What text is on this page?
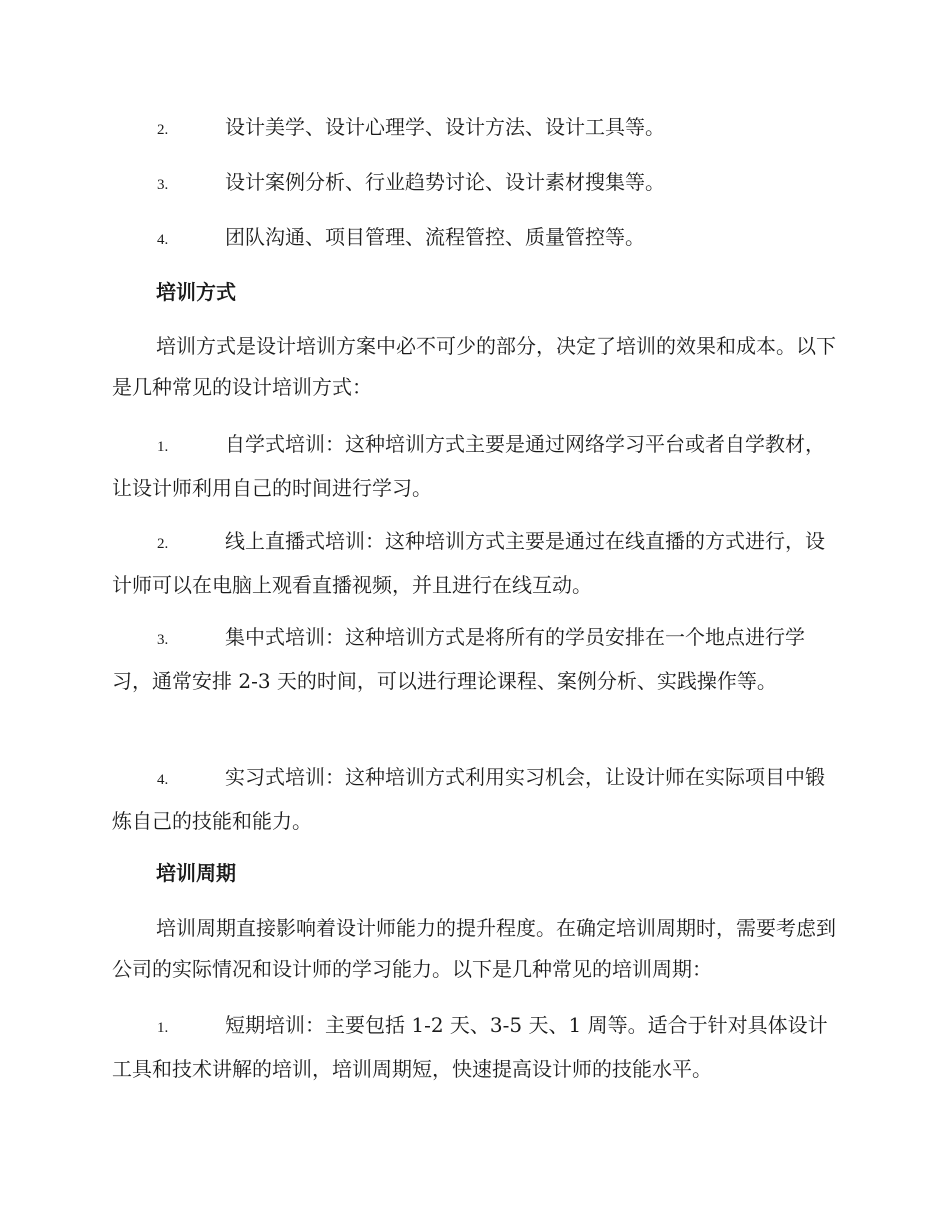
2.	设计美学、设计心理学、设计方法、设计工具等。

3.	设计案例分析、行业趋势讨论、设计素材搜集等。

4.	团队沟通、项目管理、流程管控、质量管控等。

培训方式

培训方式是设计培训方案中必不可少的部分，决定了培训的效果和成本。以下是几种常见的设计培训方式：

1.	自学式培训：这种培训方式主要是通过网络学习平台或者自学教材，让设计师利用自己的时间进行学习。

2.	线上直播式培训：这种培训方式主要是通过在线直播的方式进行，设计师可以在电脑上观看直播视频，并且进行在线互动。

3.	集中式培训：这种培训方式是将所有的学员安排在一个地点进行学习，通常安排 2-3 天的时间，可以进行理论课程、案例分析、实践操作等。

4.	实习式培训：这种培训方式利用实习机会，让设计师在实际项目中锻炼自己的技能和能力。

培训周期

培训周期直接影响着设计师能力的提升程度。在确定培训周期时，需要考虑到公司的实际情况和设计师的学习能力。以下是几种常见的培训周期：

1.	短期培训：主要包括 1-2 天、3-5 天、1 周等。适合于针对具体设计工具和技术讲解的培训，培训周期短，快速提高设计师的技能水平。
